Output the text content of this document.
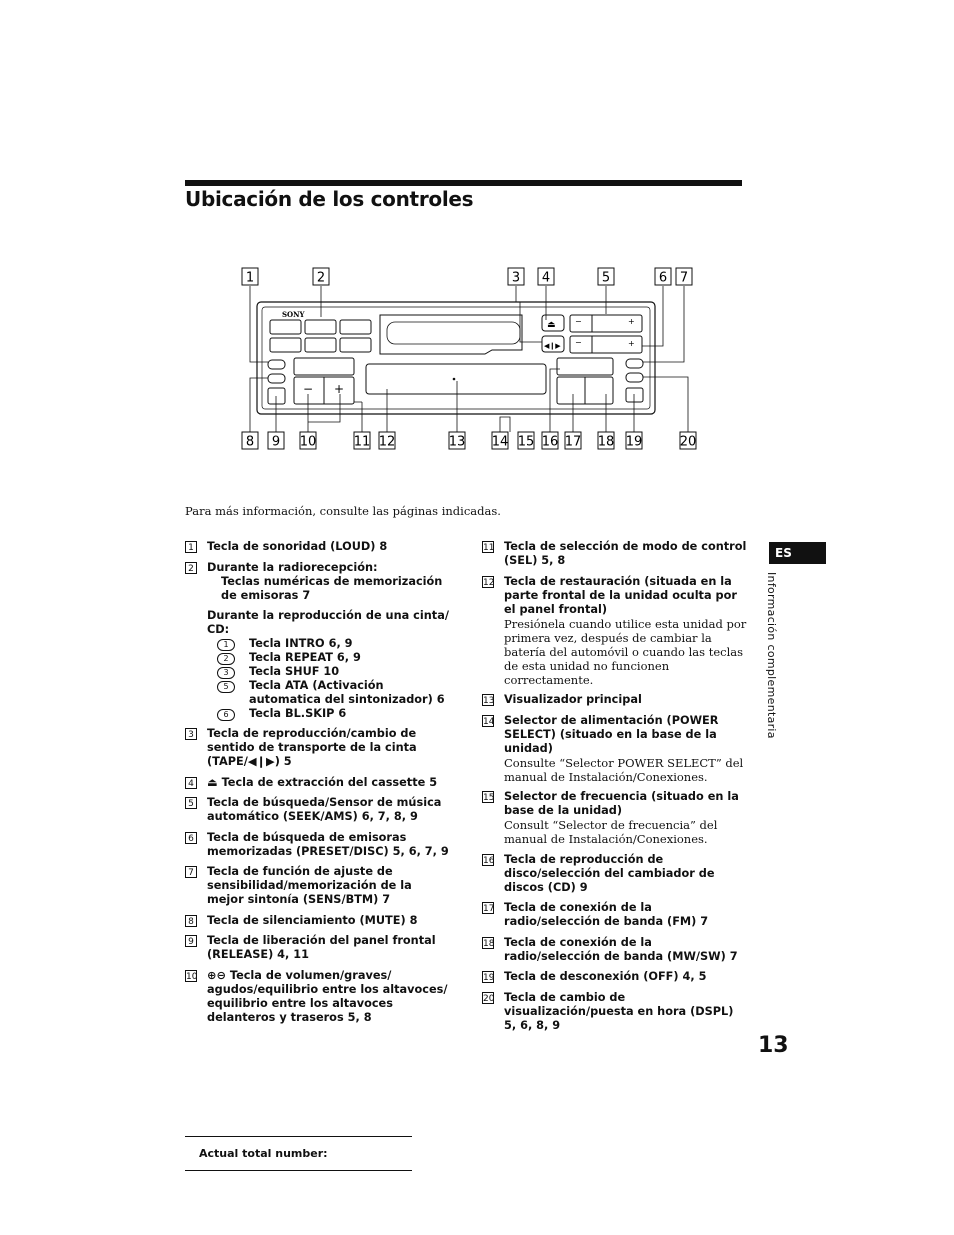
Ubicación de los controles
1	2	3 4	5	6 7
8 9 10	11 12	13 14 15 16 17 18 19	20
SONY
⏏
◀❙▶
−	+
−	+
− +
Para más información, consulte las páginas indicadas.
1 Tecla de sonoridad (LOUD) 8
2 Durante la radiorecepción:
Teclas numéricas de memorización de emisoras 7
Durante la reproducción de una cinta/ CD:
1	Tecla INTRO 6, 9
2	Tecla REPEAT 6, 9
3	Tecla SHUF 10
5	Tecla ATA (Activación automatica del sintonizador) 6
6	Tecla BL.SKIP 6
3 Tecla de reproducción/cambio de sentido de transporte de la cinta (TAPE/◀❙▶) 5
4 ⏏ Tecla de extracción del cassette 5
5 Tecla de búsqueda/Sensor de música automático (SEEK/AMS) 6, 7, 8, 9
6 Tecla de búsqueda de emisoras memorizadas (PRESET/DISC) 5, 6, 7, 9
7 Tecla de función de ajuste de sensibilidad/memorización de la mejor sintonía (SENS/BTM) 7
8 Tecla de silenciamiento (MUTE) 8
9 Tecla de liberación del panel frontal (RELEASE) 4, 11
10 ⊕⊖ Tecla de volumen/graves/ agudos/equilibrio entre los altavoces/ equilibrio entre los altavoces delanteros y traseros 5, 8
11 Tecla de selección de modo de control (SEL) 5, 8
12 Tecla de restauración (situada en la parte frontal de la unidad oculta por el panel frontal)
Presiónela cuando utilice esta unidad por primera vez, después de cambiar la batería del automóvil o cuando las teclas de esta unidad no funcionen correctamente.
13 Visualizador principal
14 Selector de alimentación (POWER SELECT) (situado en la base de la unidad)
Consulte “Selector POWER SELECT” del manual de Instalación/Conexiones.
15 Selector de frecuencia (situado en la base de la unidad)
Consult “Selector de frecuencia” del manual de Instalación/Conexiones.
16 Tecla de reproducción de disco/selección del cambiador de discos (CD) 9
17 Tecla de conexión de la radio/selección de banda (FM) 7
18 Tecla de conexión de la radio/selección de banda (MW/SW) 7
19 Tecla de desconexión (OFF) 4, 5
20 Tecla de cambio de visualización/puesta en hora (DSPL) 5, 6, 8, 9
ES
Información complementaria
13
Actual total number:
